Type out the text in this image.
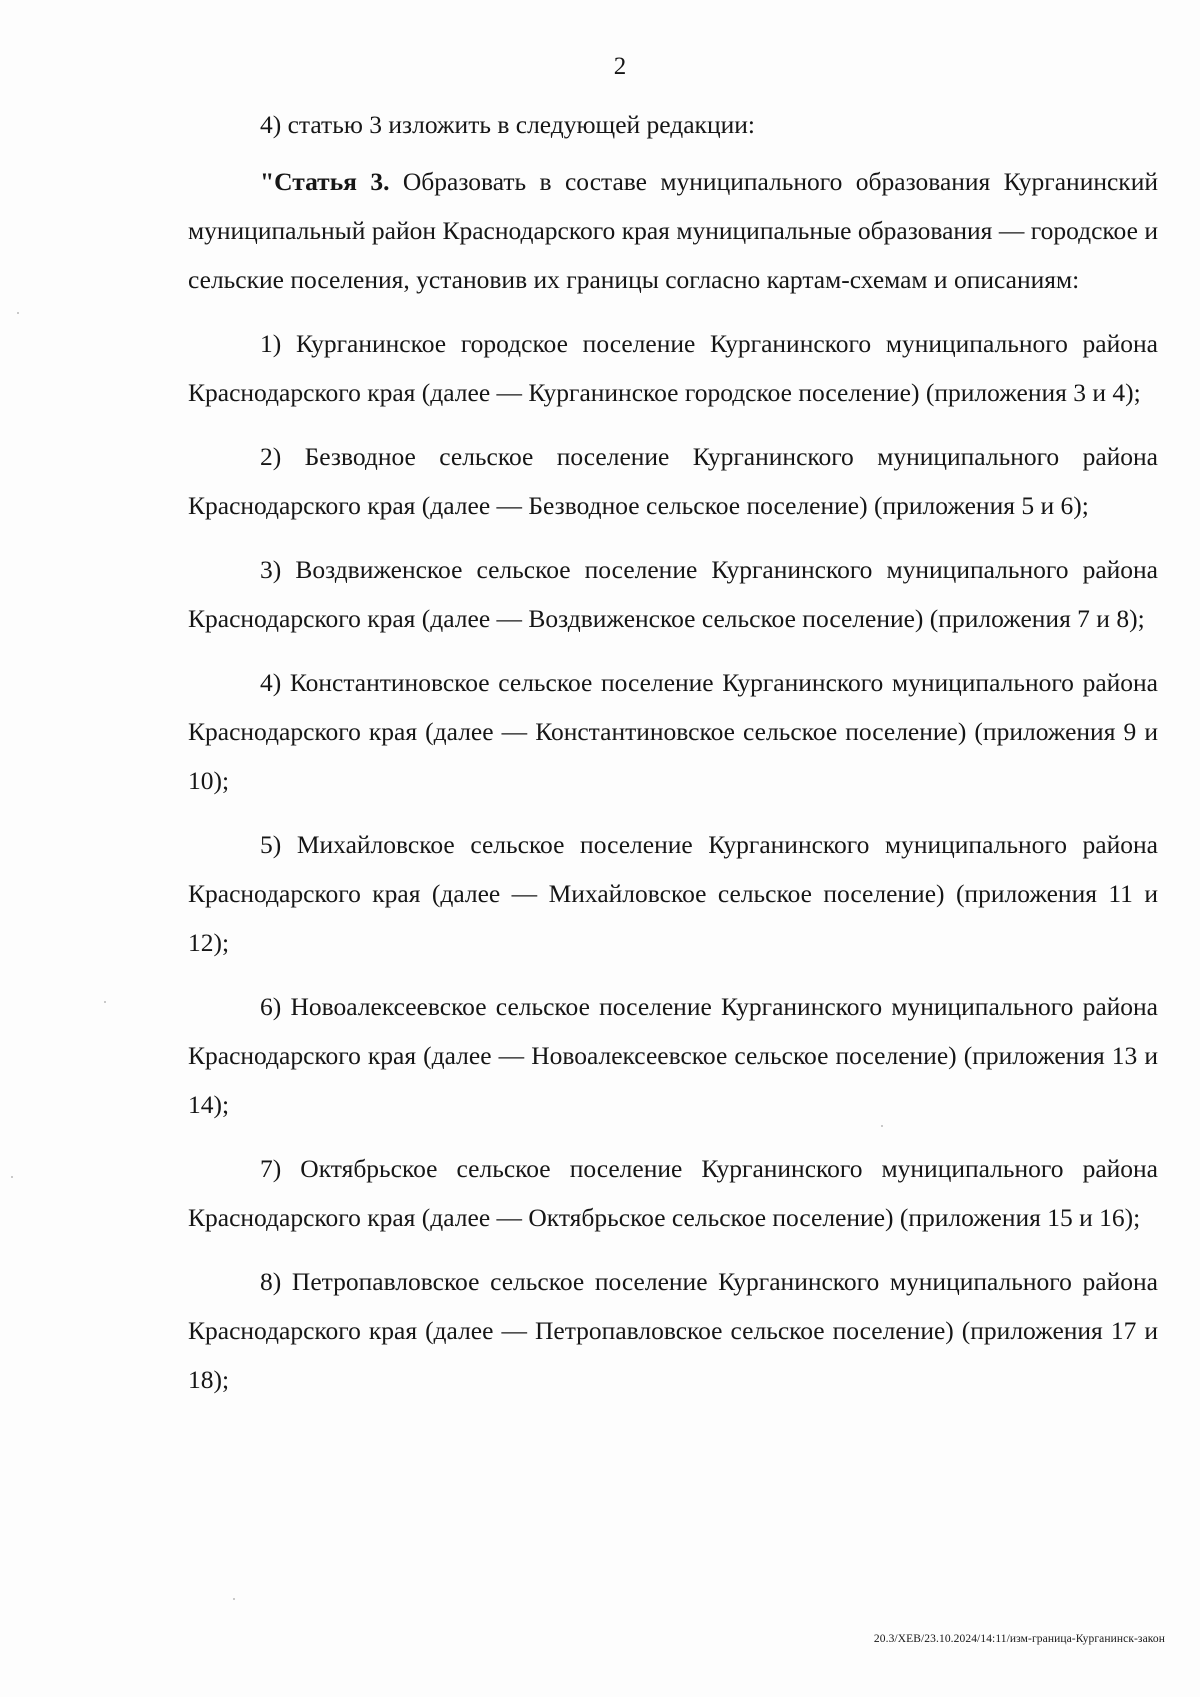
2

4) статью 3 изложить в следующей редакции:

"Статья 3. Образовать в составе муниципального образования Курганинский муниципальный район Краснодарского края муниципальные образования — городское и сельские поселения, установив их границы согласно картам-схемам и описаниям:

1) Курганинское городское поселение Курганинского муниципального района Краснодарского края (далее — Курганинское городское поселение) (приложения 3 и 4);

2) Безводное сельское поселение Курганинского муниципального района Краснодарского края (далее — Безводное сельское поселение) (приложения 5 и 6);

3) Воздвиженское сельское поселение Курганинского муниципального района Краснодарского края (далее — Воздвиженское сельское поселение) (приложения 7 и 8);

4) Константиновское сельское поселение Курганинского муниципального района Краснодарского края (далее — Константиновское сельское поселение) (приложения 9 и 10);

5) Михайловское сельское поселение Курганинского муниципального района Краснодарского края (далее — Михайловское сельское поселение) (приложения 11 и 12);

6) Новоалексеевское сельское поселение Курганинского муниципального района Краснодарского края (далее — Новоалексеевское сельское поселение) (приложения 13 и 14);

7) Октябрьское сельское поселение Курганинского муниципального района Краснодарского края (далее — Октябрьское сельское поселение) (приложения 15 и 16);

8) Петропавловское сельское поселение Курганинского муниципального района Краснодарского края (далее — Петропавловское сельское поселение) (приложения 17 и 18);

20.3/ХЕВ/23.10.2024/14:11/изм-граница-Курганинск-закон
